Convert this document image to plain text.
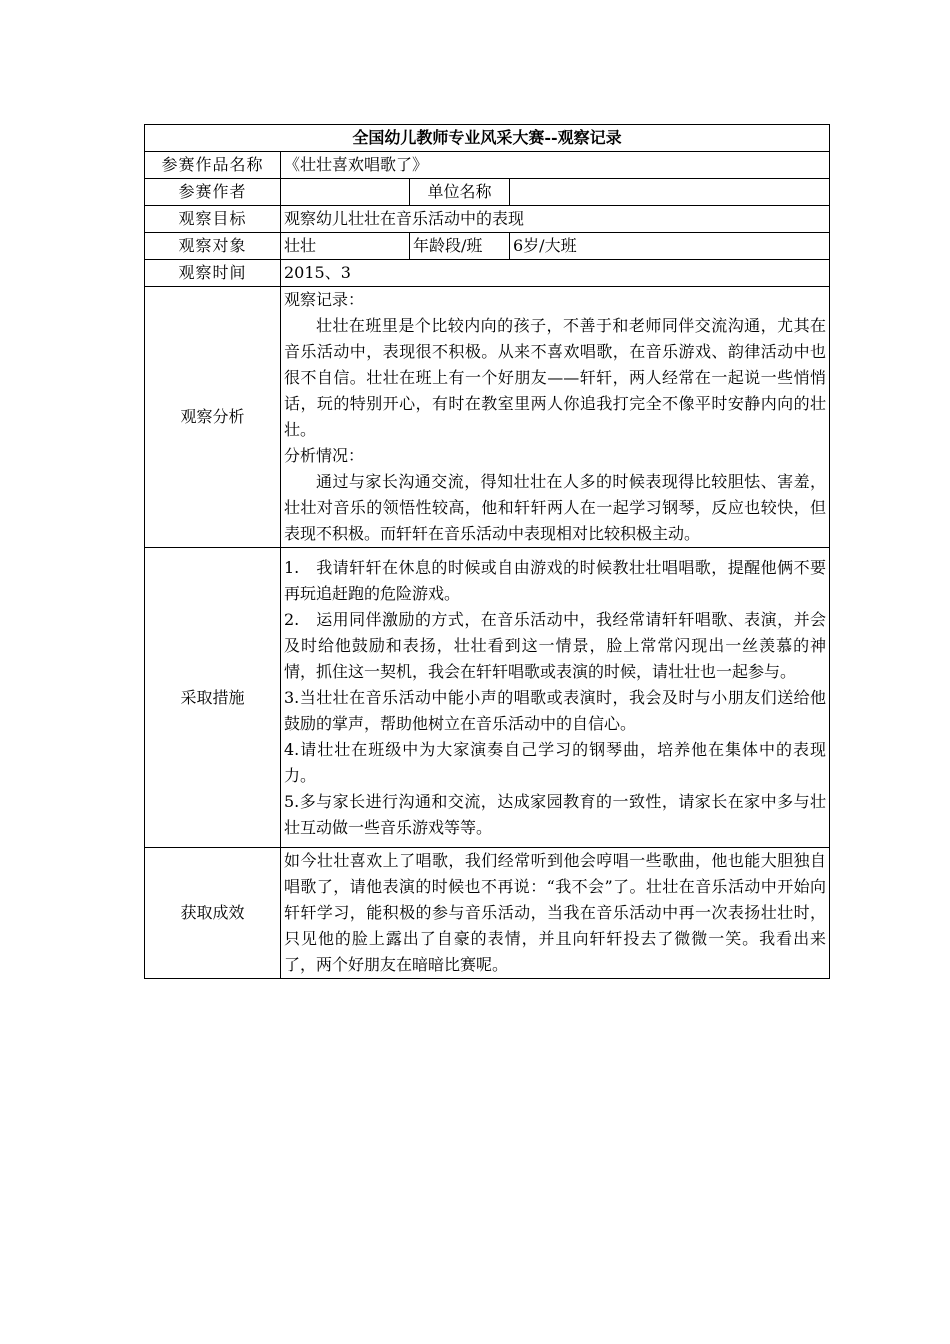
全国幼儿教师专业风采大赛--观察记录			
参赛作品名称	《壮壮喜欢唱歌了》		
参赛作者		单位名称	
观察目标	观察幼儿壮壮在音乐活动中的表现		
观察对象	壮壮	年龄段/班	6岁/大班
观察时间	2015、3		
观察分析	观察记录：

壮壮在班里是个比较内向的孩子，不善于和老师同伴交流沟通，尤其在音乐活动中，表现很不积极。从来不喜欢唱歌，在音乐游戏、韵律活动中也很不自信。壮壮在班上有一个好朋友——轩轩，两人经常在一起说一些悄悄话，玩的特别开心，有时在教室里两人你追我打完全不像平时安静内向的壮壮。

分析情况：

通过与家长沟通交流，得知壮壮在人多的时候表现得比较胆怯、害羞，壮壮对音乐的领悟性较高，他和轩轩两人在一起学习钢琴，反应也较快，但表现不积极。而轩轩在音乐活动中表现相对比较积极主动。		

采取措施	1.　我请轩轩在休息的时候或自由游戏的时候教壮壮唱唱歌，提醒他俩不要再玩追赶跑的危险游戏。

2.　运用同伴激励的方式，在音乐活动中，我经常请轩轩唱歌、表演，并会及时给他鼓励和表扬，壮壮看到这一情景，脸上常常闪现出一丝羡慕的神情，抓住这一契机，我会在轩轩唱歌或表演的时候，请壮壮也一起参与。

3.当壮壮在音乐活动中能小声的唱歌或表演时，我会及时与小朋友们送给他鼓励的掌声，帮助他树立在音乐活动中的自信心。

4.请壮壮在班级中为大家演奏自己学习的钢琴曲，培养他在集体中的表现力。

5.多与家长进行沟通和交流，达成家园教育的一致性，请家长在家中多与壮壮互动做一些音乐游戏等等。		

获取成效	如今壮壮喜欢上了唱歌，我们经常听到他会哼唱一些歌曲，他也能大胆独自唱歌了，请他表演的时候也不再说：“我不会”了。壮壮在音乐活动中开始向轩轩学习，能积极的参与音乐活动，当我在音乐活动中再一次表扬壮壮时，只见他的脸上露出了自豪的表情，并且向轩轩投去了微微一笑。我看出来了，两个好朋友在暗暗比赛呢。		
